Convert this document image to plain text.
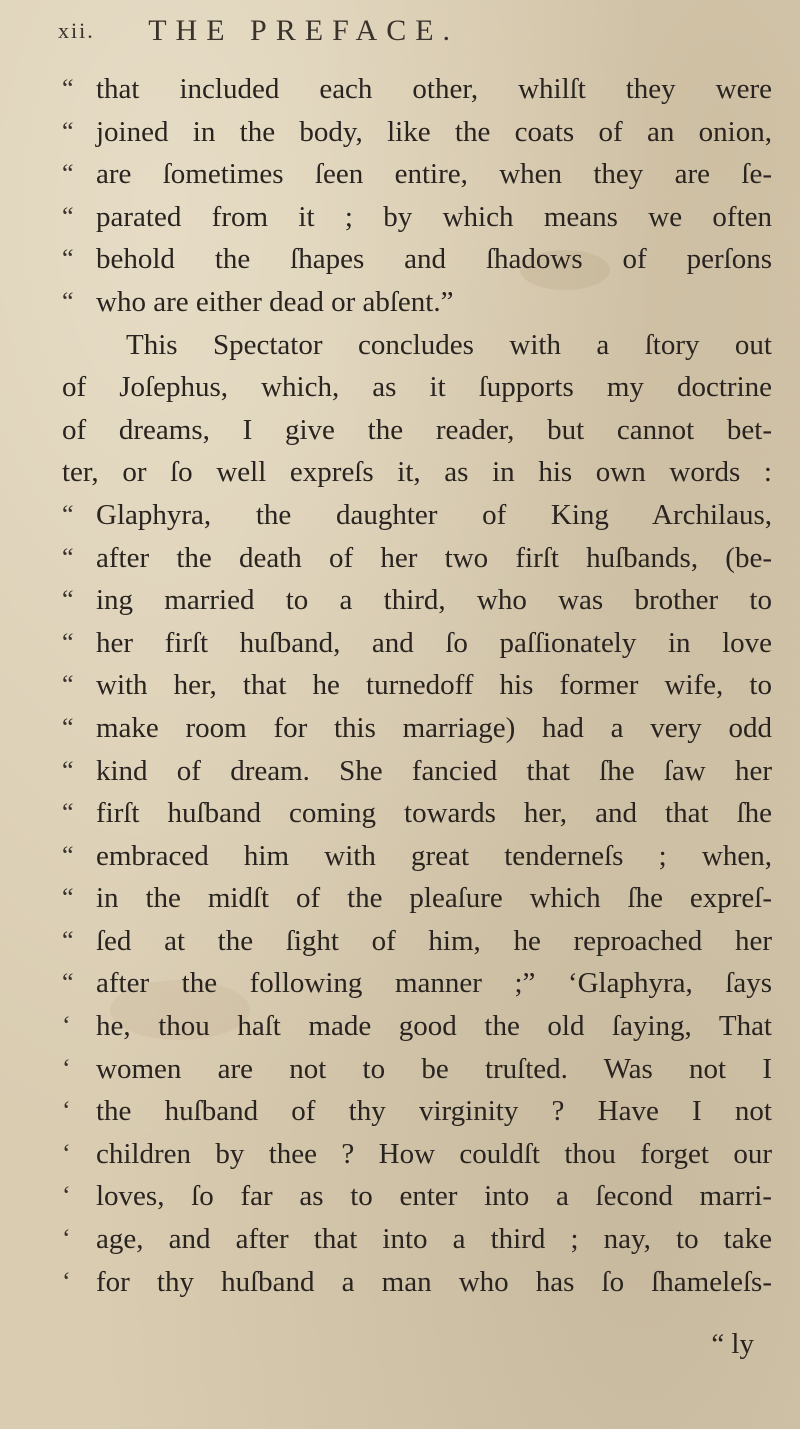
xii. THE PREFACE.
“ that included each other, whilſt they were
“ joined in the body, like the coats of an onion,
“ are ſometimes ſeen entire, when they are ſe-
“ parated from it ; by which means we often
“ behold the ſhapes and ſhadows of perſons
“ who are either dead or abſent.”
This Spectator concludes with a ſtory out
of Joſephus, which, as it ſupports my doctrine
of dreams, I give the reader, but cannot bet-
ter, or ſo well expreſs it, as in his own words :
“ Glaphyra, the daughter of King Archilaus,
“ after the death of her two firſt huſbands, (be-
“ ing married to a third, who was brother to
“ her firſt huſband, and ſo paſſionately in love
“ with her, that he turnedoff his former wife, to
“ make room for this marriage) had a very odd
“ kind of dream. She fancied that ſhe ſaw her
“ firſt huſband coming towards her, and that ſhe
“ embraced him with great tenderneſs ; when,
“ in the midſt of the pleaſure which ſhe expreſ-
“ ſed at the ſight of him, he reproached her
“ after the following manner ;” ‘Glaphyra, ſays
‘ he, thou haſt made good the old ſaying, That
‘ women are not to be truſted. Was not I
‘ the huſband of thy virginity ? Have I not
‘ children by thee ? How couldſt thou forget our
‘ loves, ſo far as to enter into a ſecond marri-
‘ age, and after that into a third ; nay, to take
‘ for thy huſband a man who has ſo ſhameleſs-
“ ly
